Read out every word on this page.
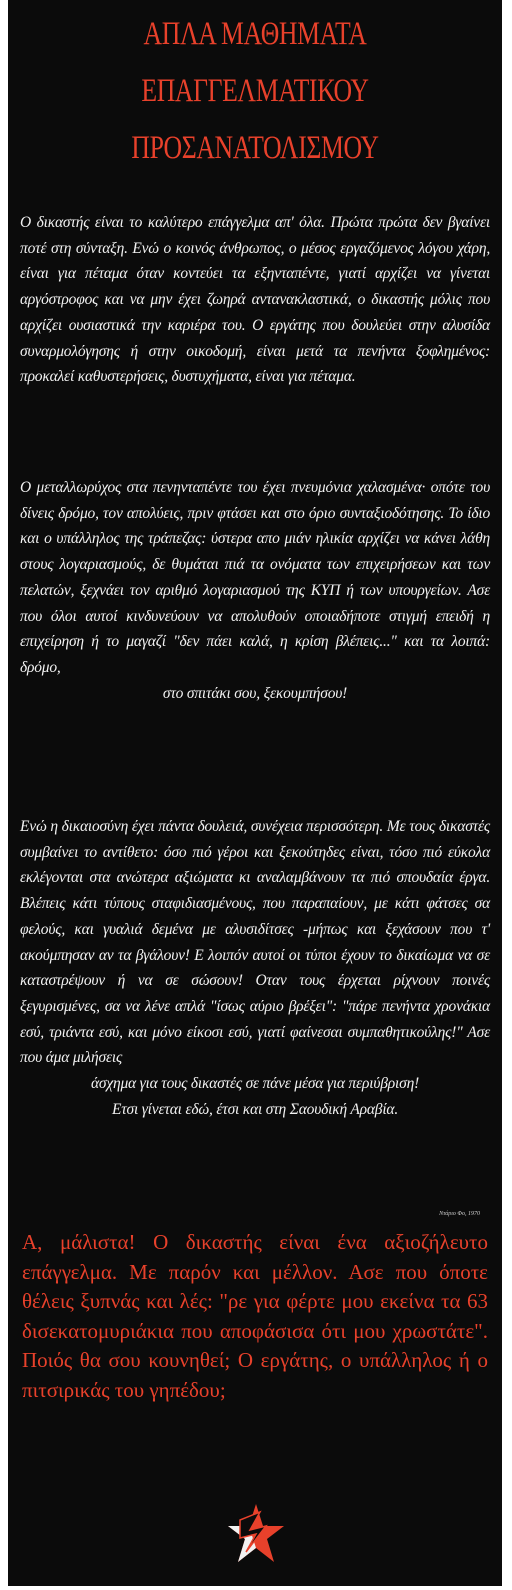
ΑΠΛΑ ΜΑΘΗΜΑΤΑ
ΕΠΑΓΓΕΛΜΑΤΙΚΟΥ
ΠΡΟΣΑΝΑΤΟΛΙΣΜΟΥ

Ο δικαστής είναι το καλύτερο επάγγελμα απ' όλα. Πρώτα πρώτα δεν βγαίνει ποτέ στη σύνταξη. Ενώ ο κοινός άνθρωπος, ο μέσος εργαζόμενος λόγου χάρη, είναι για πέταμα όταν κοντεύει τα εξηνταπέντε, γιατί αρχίζει να γίνεται αργόστροφος και να μην έχει ζωηρά αντανακλαστικά, ο δικαστής μόλις που αρχίζει ουσιαστικά την καριέρα του. Ο εργάτης που δουλεύει στην αλυσίδα συναρμολόγησης ή στην οικοδομή, είναι μετά τα πενήντα ξοφλημένος: προκαλεί καθυστερήσεις, δυστυχήματα, είναι για πέταμα.

Ο μεταλλωρύχος στα πενηνταπέντε του έχει πνευμόνια χαλασμένα· οπότε του δίνεις δρόμο, τον απολύεις, πριν φτάσει και στο όριο συνταξιοδότησης. Το ίδιο και ο υπάλληλος της τράπεζας: ύστερα απο μιάν ηλικία αρχίζει να κάνει λάθη στους λογαριασμούς, δε θυμάται πιά τα ονόματα των επιχειρήσεων και των πελατών, ξεχνάει τον αριθμό λογαριασμού της ΚΥΠ ή των υπουργείων. Ασε που όλοι αυτοί κινδυνεύουν να απολυθούν οποιαδήποτε στιγμή επειδή η επιχείρηση ή το μαγαζί "δεν πάει καλά, η κρίση βλέπεις..." και τα λοιπά: δρόμο,

στο σπιτάκι σου, ξεκουμπήσου!

Ενώ η δικαιοσύνη έχει πάντα δουλειά, συνέχεια περισσότερη. Με τους δικαστές συμβαίνει το αντίθετο: όσο πιό γέροι και ξεκούτηδες είναι, τόσο πιό εύκολα εκλέγονται στα ανώτερα αξιώματα κι αναλαμβάνουν τα πιό σπουδαία έργα. Βλέπεις κάτι τύπους σταφιδιασμένους, που παραπαίουν, με κάτι φάτσες σα φελούς, και γυαλιά δεμένα με αλυσιδίτσες -μήπως και ξεχάσουν που τ' ακούμπησαν αν τα βγάλουν! Ε λοιπόν αυτοί οι τύποι έχουν το δικαίωμα να σε καταστρέψουν ή να σε σώσουν! Οταν τους έρχεται ρίχνουν ποινές ξεγυρισμένες, σα να λένε απλά "ίσως αύριο βρέξει": "πάρε πενήντα χρονάκια εσύ, τριάντα εσύ, και μόνο είκοσι εσύ, γιατί φαίνεσαι συμπαθητικούλης!" Ασε που άμα μιλήσεις

άσχημα για τους δικαστές σε πάνε μέσα για περιύβριση!

Ετσι γίνεται εδώ, έτσι και στη Σαουδική Αραβία.

Ντάριο Φο, 1970
Α, μάλιστα! Ο δικαστής είναι ένα αξιοζήλευτο επάγγελμα. Με παρόν και μέλλον. Ασε που όποτε θέλεις ξυπνάς και λές: "ρε για φέρτε μου εκείνα τα 63 δισεκατομυριάκια που αποφάσισα ότι μου χρωστάτε". Ποιός θα σου κουνηθεί; Ο εργάτης, ο υπάλληλος ή ο πιτσιρικάς του γηπέδου;
